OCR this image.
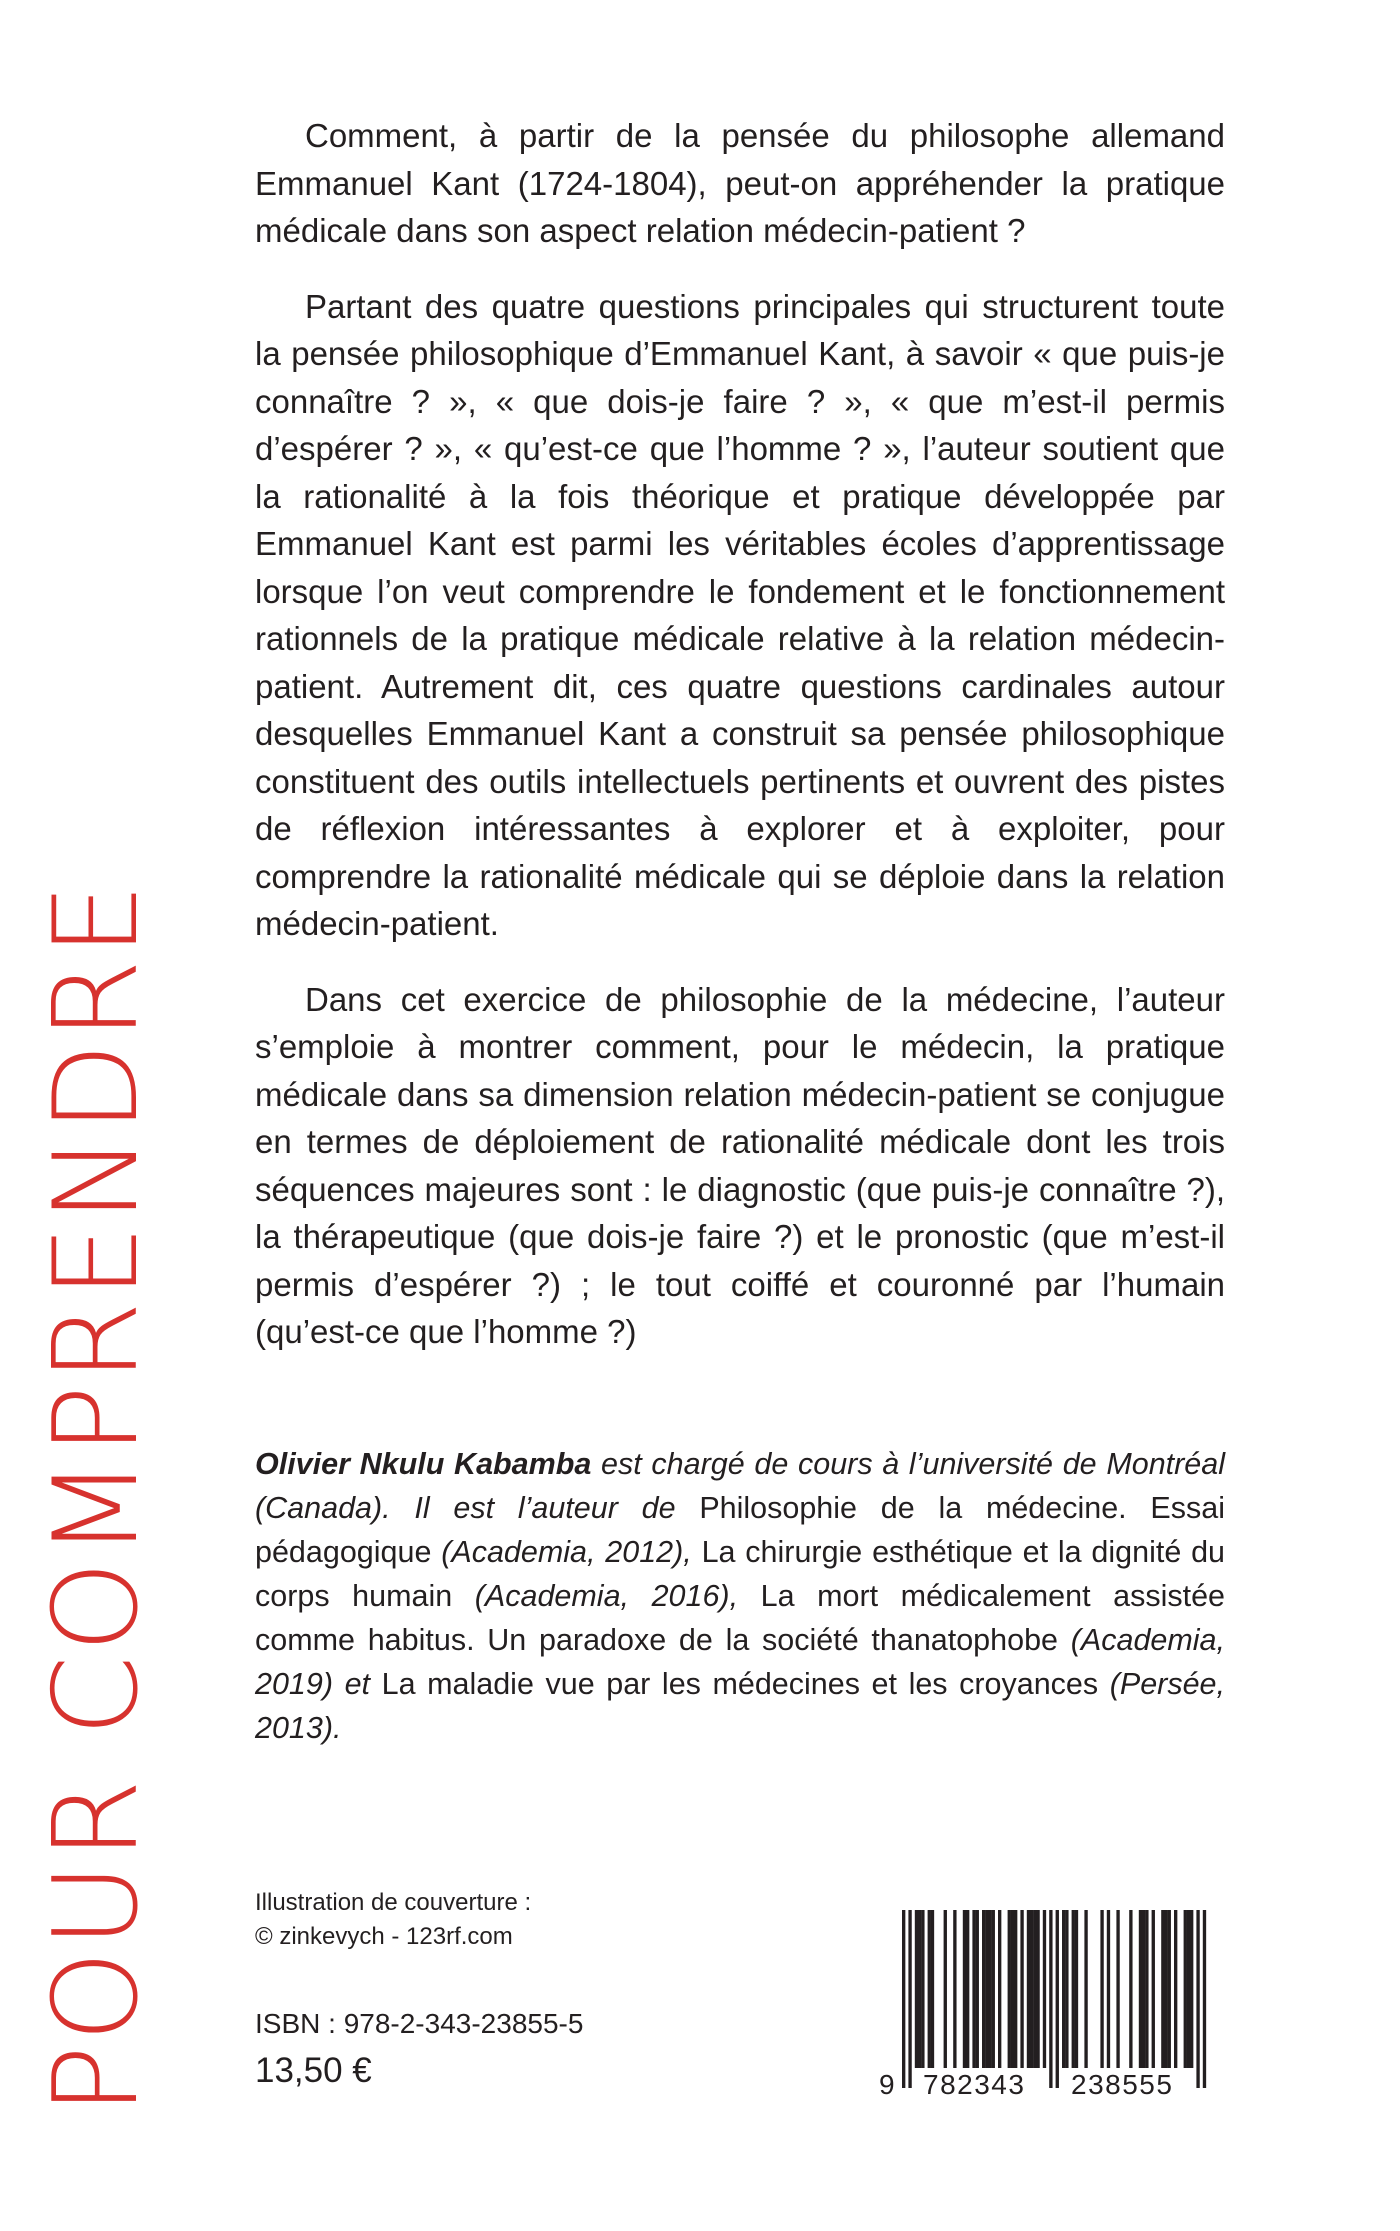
POUR COMPRENDRE

Comment, à partir de la pensée du philosophe allemand Emmanuel Kant (1724-1804), peut-on appréhender la pratique médicale dans son aspect relation médecin-patient ?

Partant des quatre questions principales qui structurent toute la pensée philosophique d’Emmanuel Kant, à savoir « que puis-je connaître ? », « que dois-je faire ? », « que m’est-il permis d’espérer ? », « qu’est-ce que l’homme ? », l’auteur soutient que la rationalité à la fois théorique et pratique développée par Emmanuel Kant est parmi les véritables écoles d’apprentissage lorsque l’on veut comprendre le fondement et le fonctionnement rationnels de la pratique médicale relative à la relation médecin-patient. Autrement dit, ces quatre questions cardinales autour desquelles Emmanuel Kant a construit sa pensée philosophique constituent des outils intellectuels pertinents et ouvrent des pistes de réflexion intéressantes à explorer et à exploiter, pour comprendre la rationalité médicale qui se déploie dans la relation médecin-patient.

Dans cet exercice de philosophie de la médecine, l’auteur s’emploie à montrer comment, pour le médecin, la pratique médicale dans sa dimension relation médecin-patient se conjugue en termes de déploiement de rationalité médicale dont les trois séquences majeures sont : le diagnostic (que puis-je connaître ?), la thérapeutique (que dois-je faire ?) et le pronostic (que m’est-il permis d’espérer ?) ; le tout coiffé et couronné par l’humain (qu’est-ce que l’homme ?)

Olivier Nkulu Kabamba est chargé de cours à l’université de Montréal (Canada). Il est l’auteur de Philosophie de la médecine. Essai pédagogique (Academia, 2012), La chirurgie esthétique et la dignité du corps humain (Academia, 2016), La mort médicalement assistée comme habitus. Un paradoxe de la société thanatophobe (Academia, 2019) et La maladie vue par les médecines et les croyances (Persée, 2013).
Illustration de couverture :
© zinkevych - 123rf.com
ISBN : 978-2-343-23855-5
13,50 €	9 782343 238555
